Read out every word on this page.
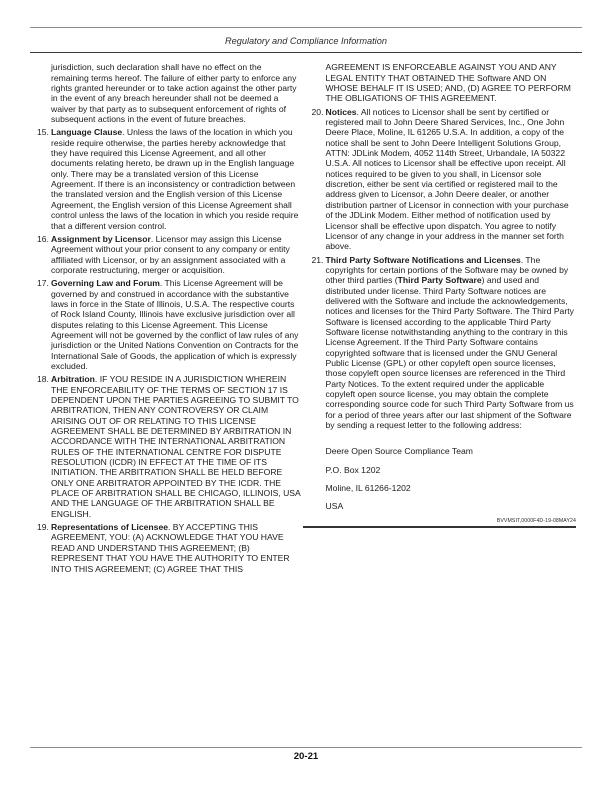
Regulatory and Compliance Information

jurisdiction, such declaration shall have no effect on the remaining terms hereof. The failure of either party to enforce any rights granted hereunder or to take action against the other party in the event of any breach hereunder shall not be deemed a waiver by that party as to subsequent enforcement of rights of subsequent actions in the event of future breaches.

15. Language Clause. Unless the laws of the location in which you reside require otherwise, the parties hereby acknowledge that they have required this License Agreement, and all other documents relating hereto, be drawn up in the English language only. There may be a translated version of this License Agreement. If there is an inconsistency or contradiction between the translated version and the English version of this License Agreement, the English version of this License Agreement shall control unless the laws of the location in which you reside require that a different version control.
16. Assignment by Licensor. Licensor may assign this License Agreement without your prior consent to any company or entity affiliated with Licensor, or by an assignment associated with a corporate restructuring, merger or acquisition.
17. Governing Law and Forum. This License Agreement will be governed by and construed in accordance with the substantive laws in force in the State of Illinois, U.S.A. The respective courts of Rock Island County, Illinois have exclusive jurisdiction over all disputes relating to this License Agreement. This License Agreement will not be governed by the conflict of law rules of any jurisdiction or the United Nations Convention on Contracts for the International Sale of Goods, the application of which is expressly excluded.
18. Arbitration. IF YOU RESIDE IN A JURISDICTION WHEREIN THE ENFORCEABILITY OF THE TERMS OF SECTION 17 IS DEPENDENT UPON THE PARTIES AGREEING TO SUBMIT TO ARBITRATION, THEN ANY CONTROVERSY OR CLAIM ARISING OUT OF OR RELATING TO THIS LICENSE AGREEMENT SHALL BE DETERMINED BY ARBITRATION IN ACCORDANCE WITH THE INTERNATIONAL ARBITRATION RULES OF THE INTERNATIONAL CENTRE FOR DISPUTE RESOLUTION (ICDR) IN EFFECT AT THE TIME OF ITS INITIATION. THE ARBITRATION SHALL BE HELD BEFORE ONLY ONE ARBITRATOR APPOINTED BY THE ICDR. THE PLACE OF ARBITRATION SHALL BE CHICAGO, ILLINOIS, USA AND THE LANGUAGE OF THE ARBITRATION SHALL BE ENGLISH.
19. Representations of Licensee. BY ACCEPTING THIS AGREEMENT, YOU: (A) ACKNOWLEDGE THAT YOU HAVE READ AND UNDERSTAND THIS AGREEMENT; (B) REPRESENT THAT YOU HAVE THE AUTHORITY TO ENTER INTO THIS AGREEMENT; (C) AGREE THAT THIS

AGREEMENT IS ENFORCEABLE AGAINST YOU AND ANY LEGAL ENTITY THAT OBTAINED THE Software AND ON WHOSE BEHALF IT IS USED; AND, (D) AGREE TO PERFORM THE OBLIGATIONS OF THIS AGREEMENT.

20. Notices. All notices to Licensor shall be sent by certified or registered mail to John Deere Shared Services, Inc., One John Deere Place, Moline, IL 61265 U.S.A. In addition, a copy of the notice shall be sent to John Deere Intelligent Solutions Group, ATTN: JDLink Modem, 4052 114th Street, Urbandale, IA 50322 U.S.A. All notices to Licensor shall be effective upon receipt. All notices required to be given to you shall, in Licensor sole discretion, either be sent via certified or registered mail to the address given to Licensor, a John Deere dealer, or another distribution partner of Licensor in connection with your purchase of the JDLink Modem. Either method of notification used by Licensor shall be effective upon dispatch. You agree to notify Licensor of any change in your address in the manner set forth above.
21. Third Party Software Notifications and Licenses. The copyrights for certain portions of the Software may be owned by other third parties (Third Party Software) and used and distributed under license. Third Party Software notices are delivered with the Software and include the acknowledgements, notices and licenses for the Third Party Software. The Third Party Software is licensed according to the applicable Third Party Software license notwithstanding anything to the contrary in this License Agreement. If the Third Party Software contains copyrighted software that is licensed under the GNU General Public License (GPL) or other copyleft open source licenses, those copyleft open source licenses are referenced in the Third Party Notices. To the extent required under the applicable copyleft open source license, you may obtain the complete corresponding source code for such Third Party Software from us for a period of three years after our last shipment of the Software by sending a request letter to the following address:

Deere Open Source Compliance Team

P.O. Box 1202

Moline, IL 61266-1202

USA

BVVMSIT,0000F4D-19-08MAY24
20-21
